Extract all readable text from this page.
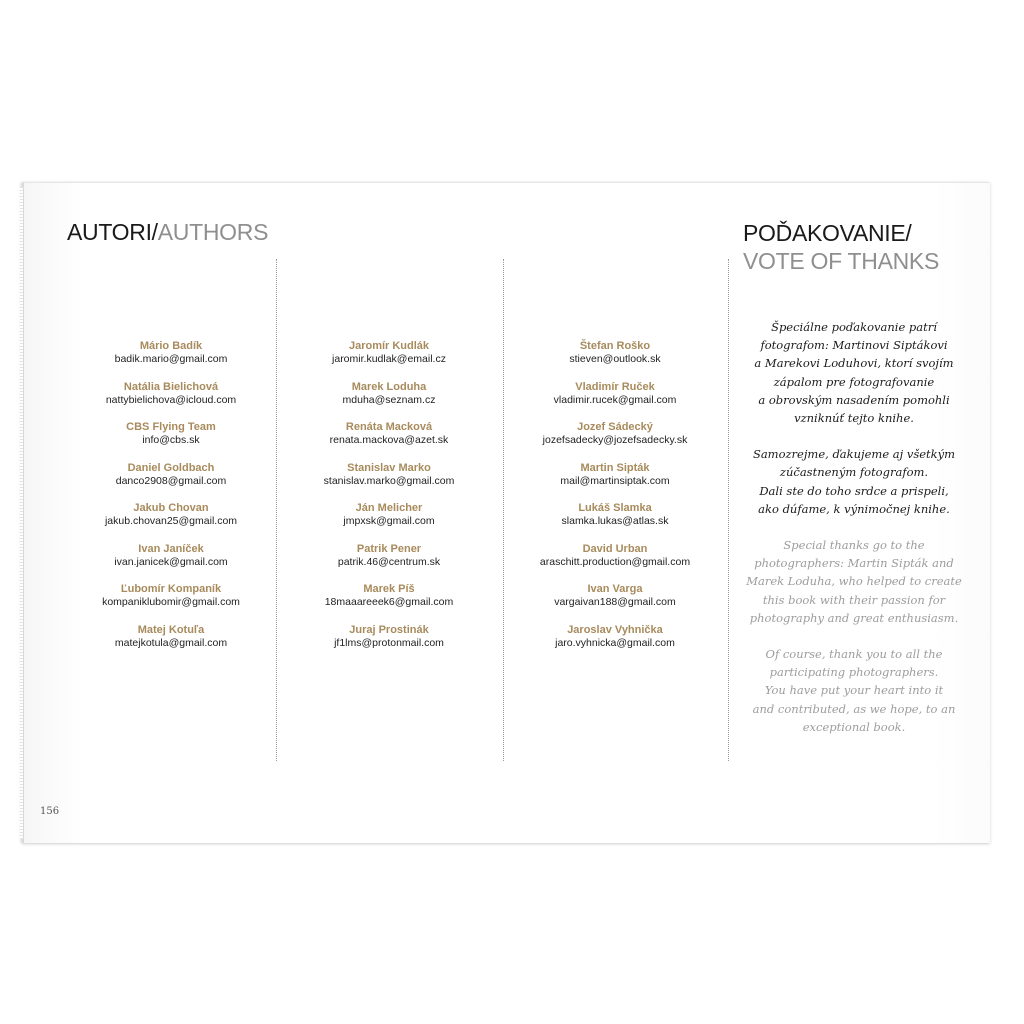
AUTORI/AUTHORS	POĎAKOVANIE/
VOTE OF THANKS
Mário Badík
badik.mario@gmail.com
Natália Bielichová
nattybielichova@icloud.com
CBS Flying Team
info@cbs.sk
Daniel Goldbach
danco2908@gmail.com
Jakub Chovan
jakub.chovan25@gmail.com
Ivan Janíček
ivan.janicek@gmail.com
Ľubomír Kompaník
kompaniklubomir@gmail.com
Matej Kotuľa
matejkotula@gmail.com
Jaromír Kudlák
jaromir.kudlak@email.cz
Marek Loduha
mduha@seznam.cz
Renáta Macková
renata.mackova@azet.sk
Stanislav Marko
stanislav.marko@gmail.com
Ján Melicher
jmpxsk@gmail.com
Patrik Pener
patrik.46@centrum.sk
Marek Píš
18maaareeek6@gmail.com
Juraj Prostinák
jf1lms@protonmail.com
Štefan Roško
stieven@outlook.sk
Vladimír Ruček
vladimir.rucek@gmail.com
Jozef Sádecký
jozefsadecky@jozefsadecky.sk
Martin Sipták
mail@martinsiptak.com
Lukáš Slamka
slamka.lukas@atlas.sk
David Urban
araschitt.production@gmail.com
Ivan Varga
vargaivan188@gmail.com
Jaroslav Vyhnička
jaro.vyhnicka@gmail.com

Špeciálne poďakovanie patrí
fotografom: Martinovi Siptákovi
a Marekovi Loduhovi, ktorí svojím
zápalom pre fotografovanie
a obrovským nasadením pomohli
vzniknúť tejto knihe.

Samozrejme, ďakujeme aj všetkým
zúčastneným fotografom.
Dali ste do toho srdce a prispeli,
ako dúfame, k výnimočnej knihe.

Special thanks go to the
photographers: Martin Sipták and
Marek Loduha, who helped to create
this book with their passion for
photography and great enthusiasm.

Of course, thank you to all the
participating photographers.
You have put your heart into it
and contributed, as we hope, to an
exceptional book.

156
